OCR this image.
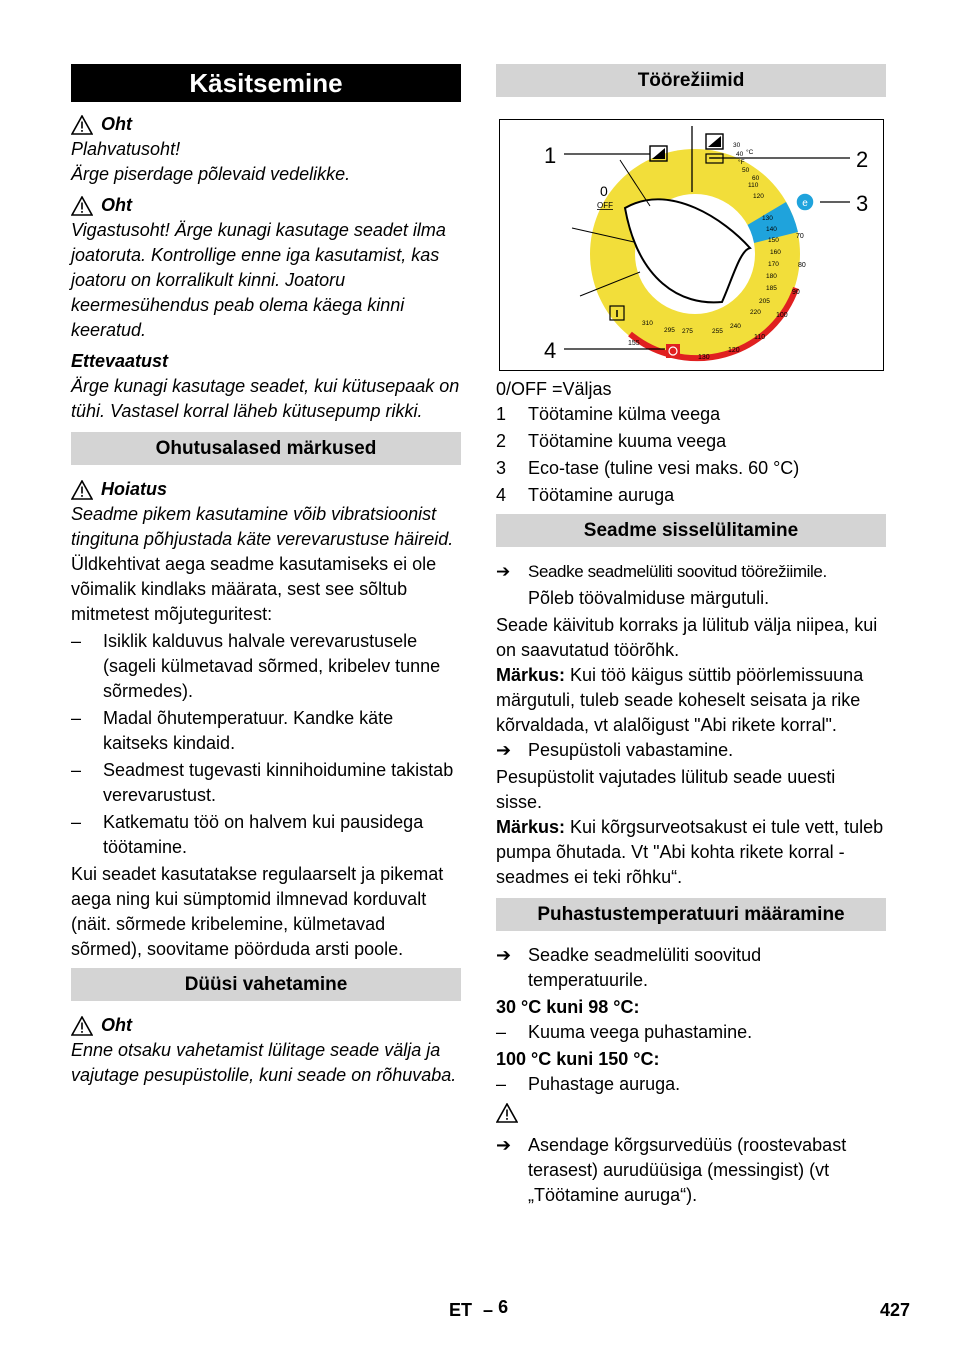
Käsitsemine
Oht

Plahvatusoht!

Ärge piserdage põlevaid vedelikke.

Oht

Vigastusoht! Ärge kunagi kasutage seadet ilma joatoruta. Kontrollige enne iga kasutamist, kas joatoru on korralikult kinni. Joatoru keermesühendus peab olema käega kinni keeratud.

Ettevaatust

Ärge kunagi kasutage seadet, kui kütusepaak on tühi. Vastasel korral läheb kütusepump rikki.

Ohutusalased märkused
Hoiatus

Seadme pikem kasutamine võib vibratsioonist tingituna põhjustada käte verevarustuse häireid.

Üldkehtivat aega seadme kasutamiseks ei ole võimalik kindlaks määrata, sest see sõltub mitmetest mõjuteguritest:

–	Isiklik kalduvus halvale verevarustusele (sageli külmetavad sõrmed, kribelev tunne sõrmedes).
–	Madal õhutemperatuur. Kandke käte kaitseks kindaid.
–	Seadmest tugevasti kinnihoidumine takistab verevarustust.
–	Katkematu töö on halvem kui pausidega töötamine.

Kui seadet kasutatakse regulaarselt ja pikemat aega ning kui sümptomid ilmnevad korduvalt (näit. sõrmede kribelemine, külmetavad sõrmed), soovitame pöörduda arsti poole.

Düüsi vahetamine
Oht

Enne otsaku vahetamist lülitage seade välja ja vajutage pesupüstolile, kuni seade on rõhuvaba.

Töörežiimid
1	2
3
4
e
0
OFF
30
°C
40
°F
50
110
60
120
130
140
150
160
170
180
185
205
220
240
255
275
295
310
70
80
90
100
110
120
130
155
0/OFF =Väljas
1	Töötamine külma veega
2	Töötamine kuuma veega
3	Eco-tase (tuline vesi maks. 60 °C)
4	Töötamine auruga
Seadme sisselülitamine
➔	Seadke seadmelüliti soovitud töörežiimile.

Põleb töövalmiduse märgutuli.

Seade käivitub korraks ja lülitub välja niipea, kui on saavutatud töörõhk.

Märkus: Kui töö käigus süttib pöörlemissuuna märgutuli, tuleb seade koheselt seisata ja rike kõrvaldada, vt alalõigust "Abi rikete korral".

➔ Pesupüstoli vabastamine.

Pesupüstolit vajutades lülitub seade uuesti sisse.

Märkus: Kui kõrgsurveotsakust ei tule vett, tuleb pumpa õhutada. Vt "Abi kohta rikete korral - seadmes ei teki rõhku“.

Puhastustemperatuuri määramine
➔ Seadke seadmelüliti soovitud temperatuurile.

30 °C kuni 98 °C:

–	Kuuma veega puhastamine.

100 °C kuni 150 °C:

–	Puhastage auruga.
➔ Asendage kõrgsurvedüüs (roostevabast terasest) aurudüüsiga (messingist) (vt „Töötamine auruga“).
ET – 6	427
